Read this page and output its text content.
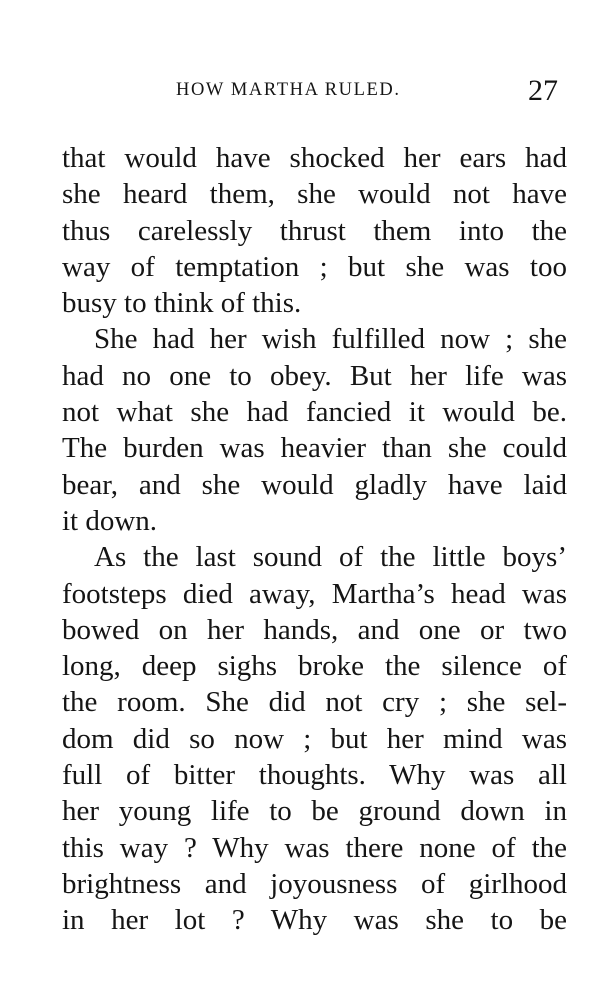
HOW MARTHA RULED.	27
that would have shocked her ears had
she heard them, she would not have
thus carelessly thrust them into the
way of temptation ; but she was too
busy to think of this.
She had her wish fulfilled now ; she
had no one to obey. But her life was
not what she had fancied it would be.
The burden was heavier than she could
bear, and she would gladly have laid
it down.
As the last sound of the little boys’
footsteps died away, Martha’s head was
bowed on her hands, and one or two
long, deep sighs broke the silence of
the room. She did not cry ; she sel-
dom did so now ; but her mind was
full of bitter thoughts. Why was all
her young life to be ground down in
this way ? Why was there none of the
brightness and joyousness of girlhood
in her lot ? Why was she to be
